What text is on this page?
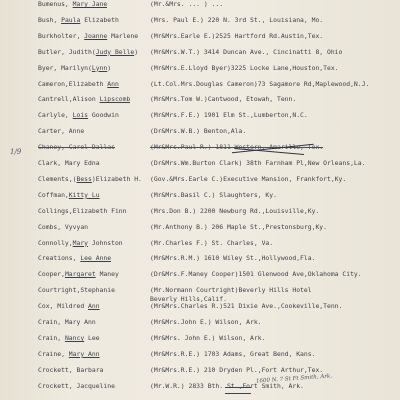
Bumenus, Mary Jane	(Mr.&Mrs. ... ) ...
Bush, Paula Elizabeth	(Mrs. Paul E.) 220 N. 3rd St., Louisiana, Mo.
Burkholter, Joanne Marlene (Mr&Mrs.Earle E.)2525 Hartford Rd.Austin,Tex.
Butler, Judith(Judy Belle) (Mr&Mrs.W.T.) 3414 Duncan Ave., Cincinatti 8, Ohio
Byer, Marilyn(Lynn)	(Mr&Mrs.E.Lloyd Byer)3225 Locke Lane,Houston,Tex.
Cameron,Elizabeth Ann	(Lt.Col.Mrs.Douglas Cameron)73 Sagamore Rd,Maplewood,N.J.
Cantrell,Alison Lipscomb	(Mr&Mrs.Tom W.)Cantwood, Etowah, Tenn.
Carlyle, Lois Goodwin	(Mr&Mrs.F.E.) 1901 Elm St.,Lumberton,N.C.
Carter, Anne	(Dr&Mrs.W.B.) Benton,Ala.
Chaney, Carol Dallas	(Mr&Mrs.Paul R.) 1811 Western, Amarillo, Tex.
Clark, Mary Edna	(Dr&Mrs.Wm.Burton Clark) 38th Farnham Pl,New Orleans,La.
Clements,(Bess)Elizabeth H. (Gov.&Mrs.Earle C.)Executive Mansion, Frankfort,Ky.
Coffman,Kitty Lu	(Mr&Mrs.Basil C.) Slaughters, Ky.
Collings,Elizabeth Finn	(Mrs.Don B.) 2200 Newburg Rd.,Louisville,Ky.
Combs, Vyvyan	(Mr.Anthony B.) 206 Maple St.,Prestonsburg,Ky.
Connolly,Mary Johnston	(Mr.Charles F.) St. Charles, Va.
Creations, Lee Anne	(Mr&Mrs.R.M.) 1610 Wiley St.,Hollywood,Fla.
Cooper,Margaret Maney	(Dr&Mrs.F.Maney Cooper)1501 Glenwood Ave,Oklahoma City.
Courtright,Stephanie	(Mr.Normann Courtright)Beverly Hills Hotel
Beverly Hills,Calif.
Cox, Mildred Ann	(Mr&Mrs.Charles R.)521 Dixie Ave.,Cookeville,Tenn.
Crain, Mary Ann	(Mr&Mrs.John E.) Wilson, Ark.
Crain, Nancy Lee	(Mr&Mrs. John E.) Wilson, Ark.
Craine, Mary Ann	(Mr&Mrs.R.E.) 1703 Adams, Great Bend, Kans.
Crockett, Barbara	(Mr&Mrs.R.E.) 210 Dryden Pl.,Fort Arthur,Tex.
Crockett, Jacqueline	(Mr.W.R.) 2833 Bth. St.,Fort Smith, Ark.
1/9
1600 N. 7 St Ft Smith, Ark.
